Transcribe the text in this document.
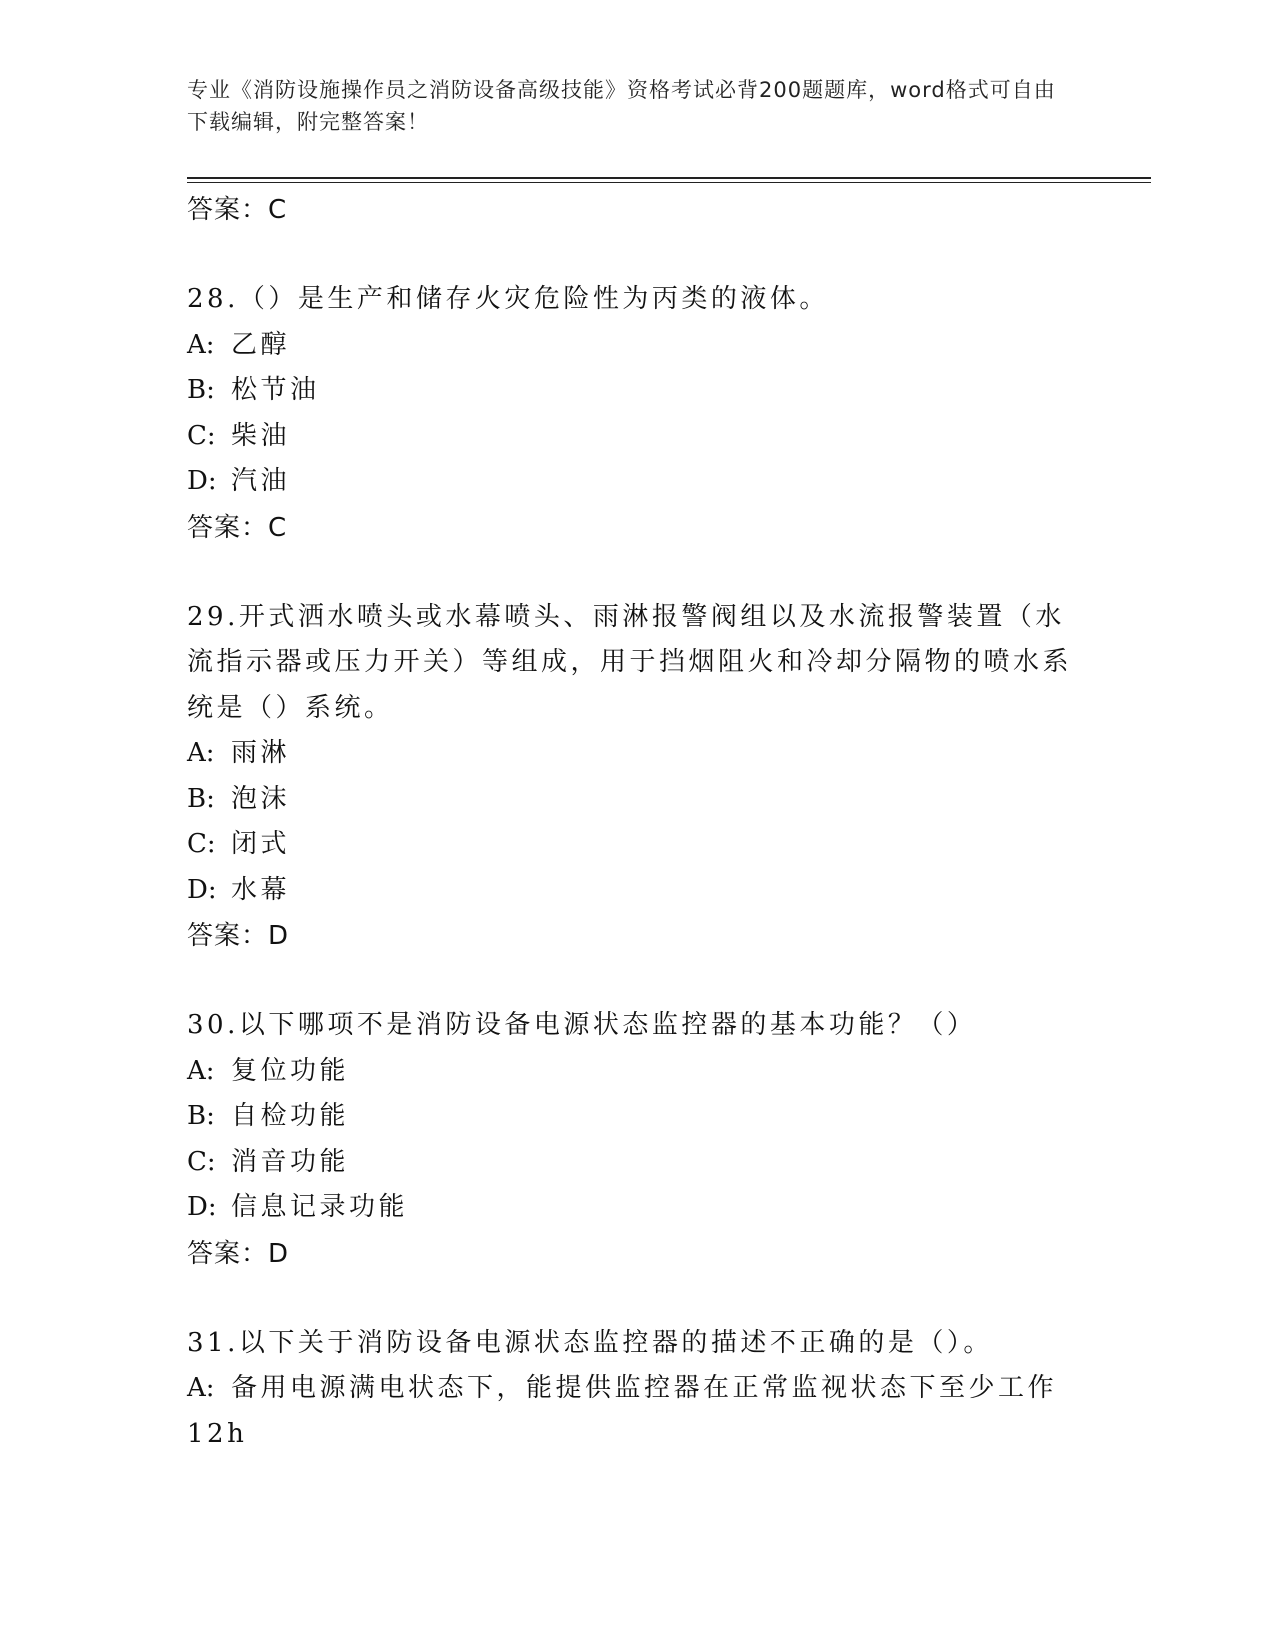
专业《消防设施操作员之消防设备高级技能》资格考试必背200题题库，word格式可自由下载编辑，附完整答案！
答案：C
28.（）是生产和储存火灾危险性为丙类的液体。
A: 乙醇
B: 松节油
C: 柴油
D: 汽油
答案：C
29.开式洒水喷头或水幕喷头、雨淋报警阀组以及水流报警装置（水流指示器或压力开关）等组成，用于挡烟阻火和冷却分隔物的喷水系统是（）系统。
A: 雨淋
B: 泡沫
C: 闭式
D: 水幕
答案：D
30.以下哪项不是消防设备电源状态监控器的基本功能？（）
A: 复位功能
B: 自检功能
C: 消音功能
D: 信息记录功能
答案：D
31.以下关于消防设备电源状态监控器的描述不正确的是（）。
A: 备用电源满电状态下，能提供监控器在正常监视状态下至少工作12h
